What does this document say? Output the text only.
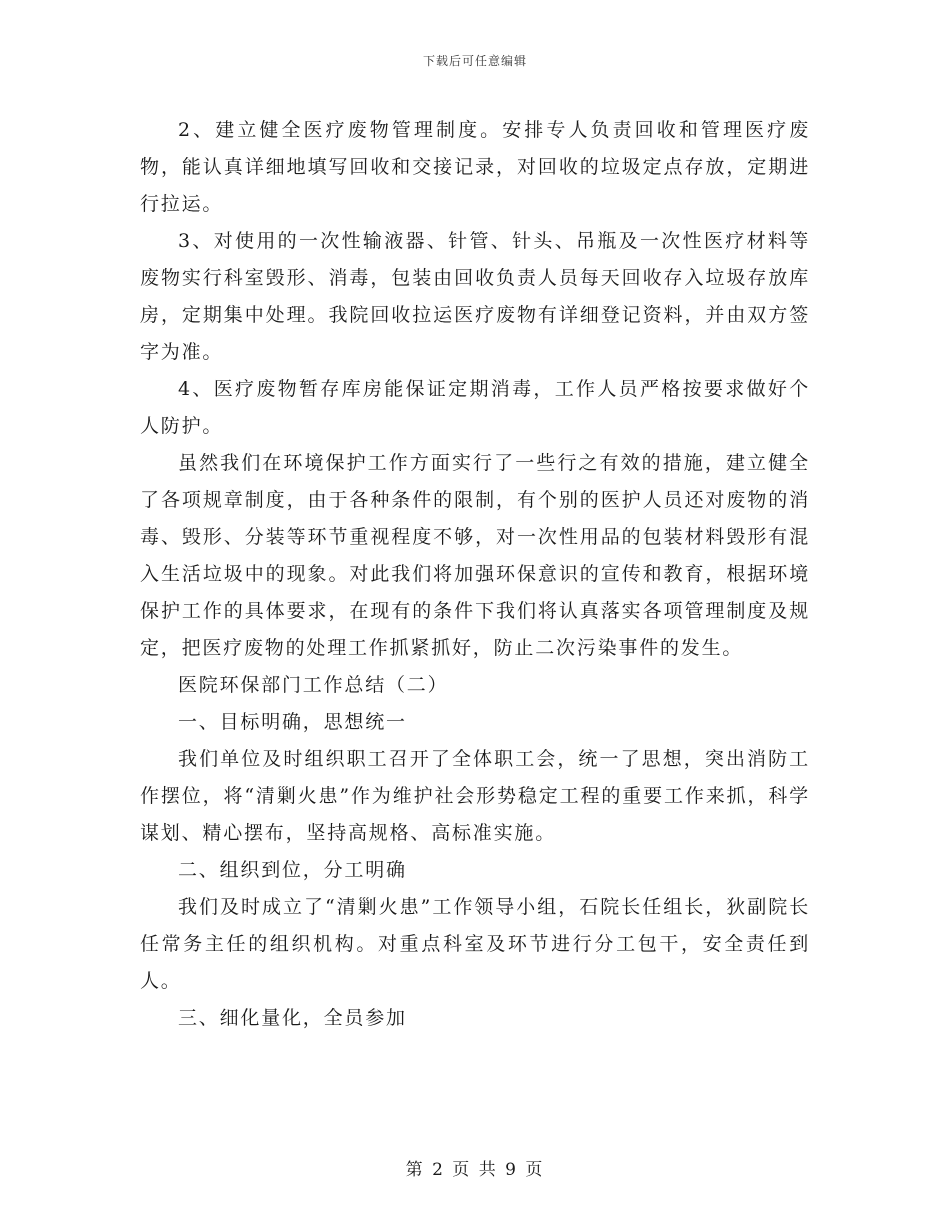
下载后可任意编辑

2、建立健全医疗废物管理制度。安排专人负责回收和管理医疗废物，能认真详细地填写回收和交接记录，对回收的垃圾定点存放，定期进行拉运。

3、对使用的一次性输液器、针管、针头、吊瓶及一次性医疗材料等废物实行科室毁形、消毒，包装由回收负责人员每天回收存入垃圾存放库房，定期集中处理。我院回收拉运医疗废物有详细登记资料，并由双方签字为准。

4、医疗废物暂存库房能保证定期消毒，工作人员严格按要求做好个人防护。

虽然我们在环境保护工作方面实行了一些行之有效的措施，建立健全了各项规章制度，由于各种条件的限制，有个别的医护人员还对废物的消毒、毁形、分装等环节重视程度不够，对一次性用品的包装材料毁形有混入生活垃圾中的现象。对此我们将加强环保意识的宣传和教育，根据环境保护工作的具体要求，在现有的条件下我们将认真落实各项管理制度及规定，把医疗废物的处理工作抓紧抓好，防止二次污染事件的发生。

医院环保部门工作总结（二）

一、目标明确，思想统一

我们单位及时组织职工召开了全体职工会，统一了思想，突出消防工作摆位，将“清剿火患”作为维护社会形势稳定工程的重要工作来抓，科学谋划、精心摆布，坚持高规格、高标准实施。

二、组织到位，分工明确

我们及时成立了“清剿火患”工作领导小组，石院长任组长，狄副院长任常务主任的组织机构。对重点科室及环节进行分工包干，安全责任到人。

三、细化量化，全员参加

第 2 页 共 9 页
